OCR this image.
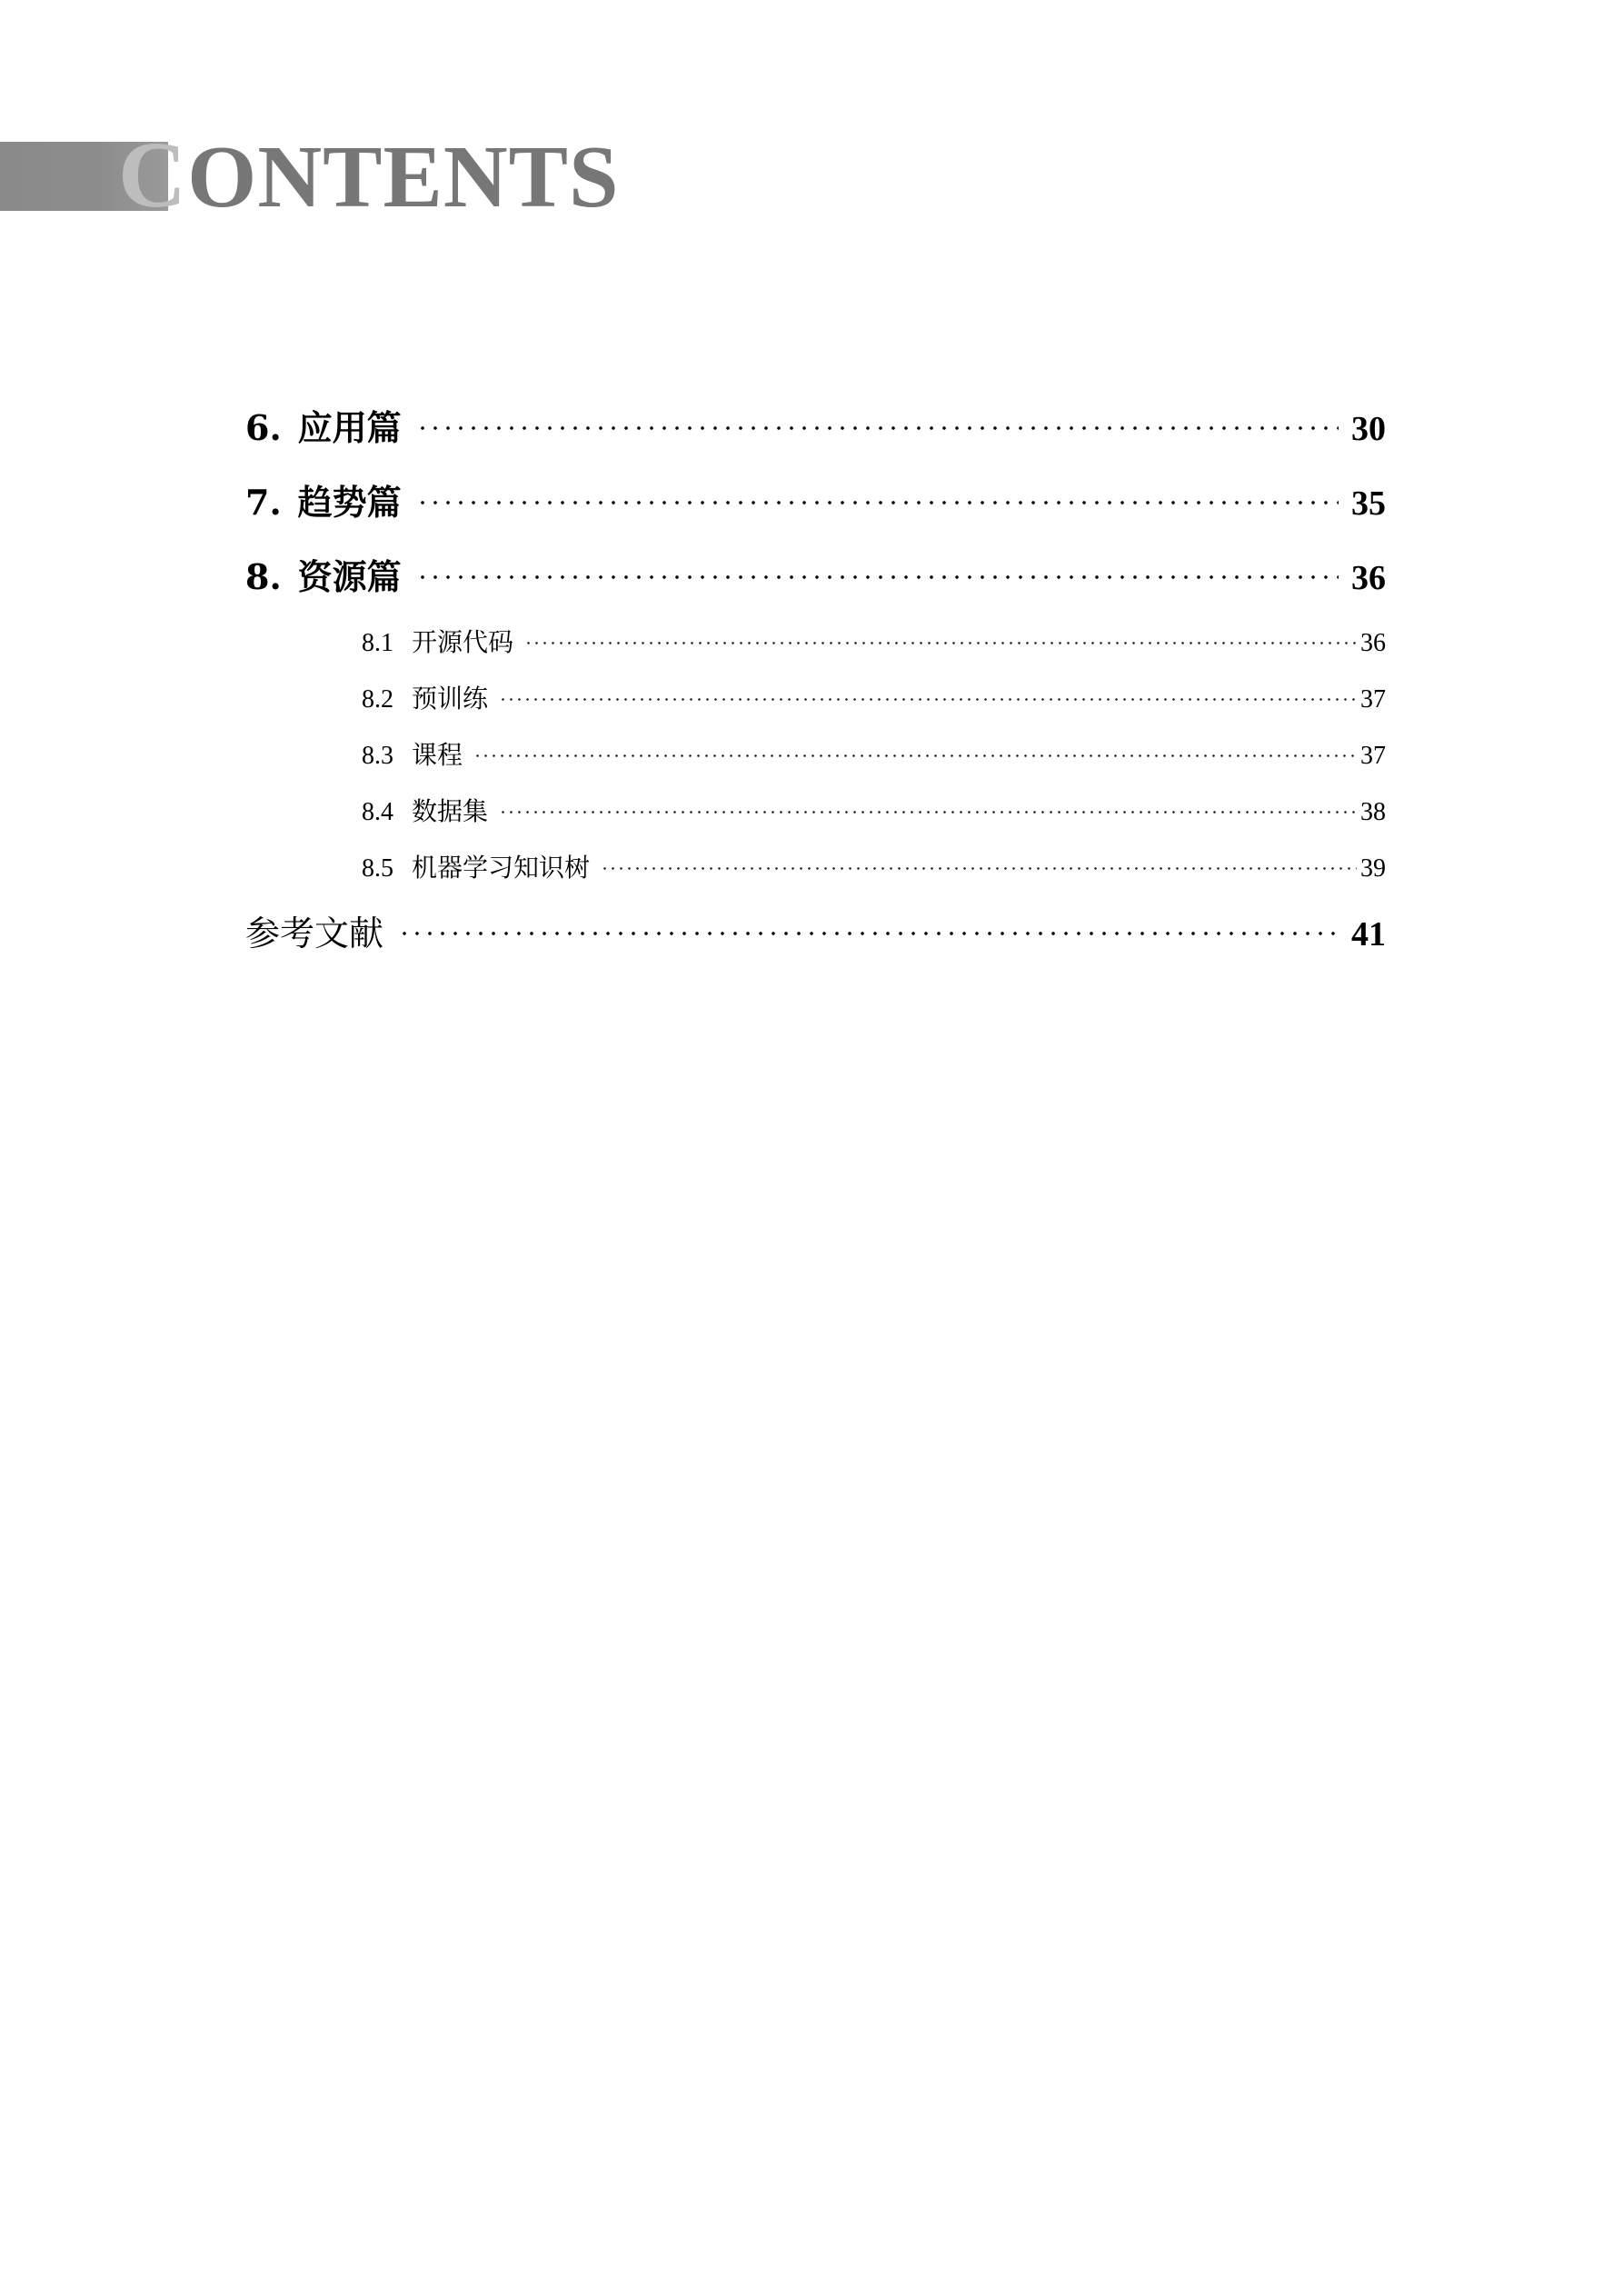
CONTENTS
6. 应用篇	30
7. 趋势篇	35
8. 资源篇	36
8.1 开源代码	36
8.2 预训练	37
8.3 课程	37
8.4 数据集	38
8.5 机器学习知识树	39
参考文献	41
